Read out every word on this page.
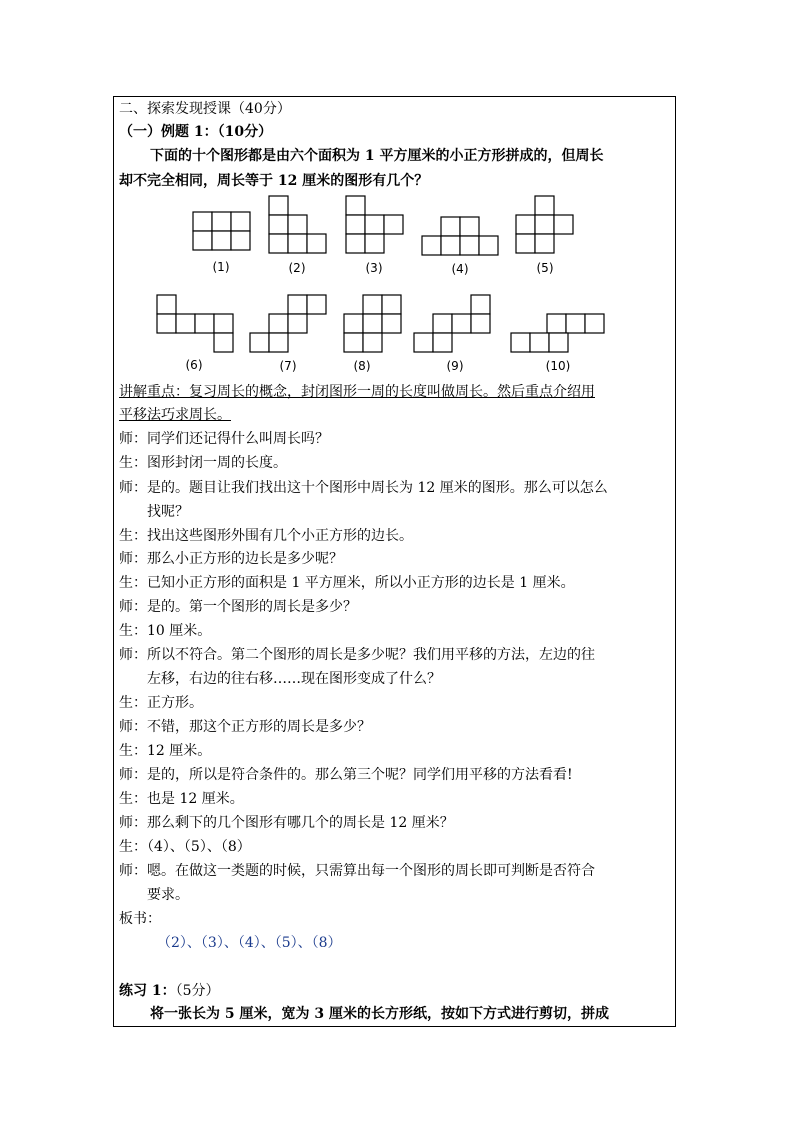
二、探索发现授课（40分）
（一）例题 1：（10分）
下面的十个图形都是由六个面积为 1 平方厘米的小正方形拼成的，但周长
却不完全相同，周长等于 12 厘米的图形有几个？
(1)	(2)	(3)	(4)	(5)
(6)	(7)	(8)	(9)	(10)
讲解重点：复习周长的概念，封闭图形一周的长度叫做周长。然后重点介绍用
平移法巧求周长。
师：同学们还记得什么叫周长吗？
生：图形封闭一周的长度。
师：是的。题目让我们找出这十个图形中周长为 12 厘米的图形。那么可以怎么
找呢？
生：找出这些图形外围有几个小正方形的边长。
师：那么小正方形的边长是多少呢？
生：已知小正方形的面积是 1 平方厘米，所以小正方形的边长是 1 厘米。
师：是的。第一个图形的周长是多少？
生：10 厘米。
师：所以不符合。第二个图形的周长是多少呢？我们用平移的方法，左边的往
左移，右边的往右移……现在图形变成了什么？
生：正方形。
师：不错，那这个正方形的周长是多少？
生：12 厘米。
师：是的，所以是符合条件的。那么第三个呢？同学们用平移的方法看看!
生：也是 12 厘米。
师：那么剩下的几个图形有哪几个的周长是 12 厘米？
生：（4）、（5）、（8）
师：嗯。在做这一类题的时候，只需算出每一个图形的周长即可判断是否符合
要求。
板书：
（2）、（3）、（4）、（5）、（8）
练习 1：（5分）
将一张长为 5 厘米，宽为 3 厘米的长方形纸，按如下方式进行剪切，拼成
